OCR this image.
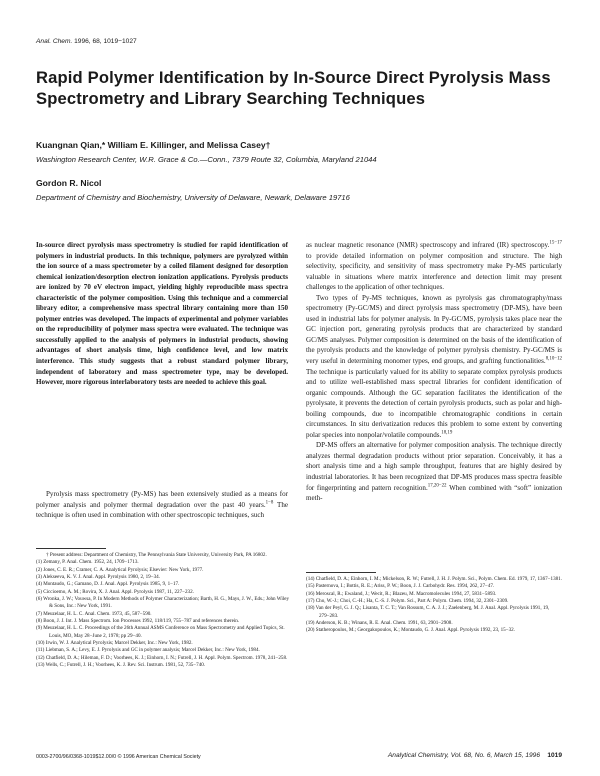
Anal. Chem. 1996, 68, 1019−1027
Rapid Polymer Identification by In-Source Direct Pyrolysis Mass Spectrometry and Library Searching Techniques
Kuangnan Qian,* William E. Killinger, and Melissa Casey†
Washington Research Center, W.R. Grace & Co.—Conn., 7379 Route 32, Columbia, Maryland 21044
Gordon R. Nicol
Department of Chemistry and Biochemistry, University of Delaware, Newark, Delaware 19716
In-source direct pyrolysis mass spectrometry is studied for rapid identification of polymers in industrial products. In this technique, polymers are pyrolyzed within the ion source of a mass spectrometer by a coiled filament designed for desorption chemical ionization/desorption electron ionization applications. Pyrolysis products are ionized by 70 eV electron impact, yielding highly reproducible mass spectra characteristic of the polymer composition. Using this technique and a commercial library editor, a comprehensive mass spectral library containing more than 150 polymer entries was developed. The impacts of experimental and polymer variables on the reproducibility of polymer mass spectra were evaluated. The technique was successfully applied to the analysis of polymers in industrial products, showing advantages of short analysis time, high confidence level, and low matrix interference. This study suggests that a robust standard polymer library, independent of laboratory and mass spectrometer type, may be developed. However, more rigorous interlaboratory tests are needed to achieve this goal.

Pyrolysis mass spectrometry (Py-MS) has been extensively studied as a means for polymer analysis and polymer thermal degradation over the past 40 years.$^{1-8}$ The technique is often used in combination with other spectroscopic techniques, such

† Present address: Department of Chemistry, The Pennsylvania State University, University Park, PA 16802.
(1) Zemany, P. Anal. Chem. 1952, 24, 1709−1713.
(2) Jones, C. E. R.; Cramer, C. A. Analytical Pyrolysis; Elsevier: New York, 1977.
(3) Alekseeva, K. V. J. Anal. Appl. Pyrolysis 1980, 2, 19−34.
(4) Montaudo, G.; Gamano, D. J. Anal. Appl. Pyrolysis 1985, 9, 1−17.
(5) Ciccioemo, A. M.; Rovira, X. J. Anal. Appl. Pyrolysis 1987, 11, 227−232.
(6) Wronka, J. W.; Vouwsa, P. In Modern Methods of Polymer Characterization; Barth, H. G., Mays, J. W., Eds.; John Wiley & Sons, Inc.: New York, 1991.
(7) Meuzelaar, H. L. C. Anal. Chem. 1973, 45, 587−590.
(8) Boon, J. J. Int. J. Mass Spectrom. Ion Processes 1992, 118/119, 755−787 and references therein.
(9) Meuzelaar, H. L. C. Proceedings of the 26th Annual ASMS Conference on Mass Spectrometry and Applied Topics, St. Louis, MO, May 28−June 2, 1978; pp 29−40.
(10) Irwin, W. J. Analytical Pyrolysis; Marcel Dekker, Inc.: New York, 1982.
(11) Liebman, S. A.; Levy, E. J. Pyrolysis and GC in polymer analysis; Marcel Dekker, Inc.: New York, 1984.
(12) Chatfield, D. A.; Hileman, F. D.; Voorhees, K. J.; Einhorn, I. N.; Futrell, J. H. Appl. Polym. Spectrom. 1978, 241−258.
(13) Wells, C.; Futrell, J. H.; Voorhees, K. J. Rev. Sci. Instrum. 1981, 52, 735−740.

as nuclear magnetic resonance (NMR) spectroscopy and infrared (IR) spectroscopy.$^{15-17}$ to provide detailed information on polymer composition and structure. The high selectivity, specificity, and sensitivity of mass spectrometry make Py-MS particularly valuable in situations where matrix interference and detection limit may present challenges to the application of other techniques.

Two types of Py-MS techniques, known as pyrolysis gas chromatography/mass spectrometry (Py-GC/MS) and direct pyrolysis mass spectrometry (DP-MS), have been used in industrial labs for polymer analysis. In Py-GC/MS, pyrolysis takes place near the GC injection port, generating pyrolysis products that are characterized by standard GC/MS analyses. Polymer composition is determined on the basis of the identification of the pyrolysis products and the knowledge of polymer pyrolysis chemistry. Py-GC/MS is very useful in determining monomer types, end groups, and grafting functionalities.$^{8,10-12}$ The technique is particularly valued for its ability to separate complex pyrolysis products and to utilize well-established mass spectral libraries for confident identification of organic compounds. Although the GC separation facilitates the identification of the pyrolysate, it prevents the detection of certain pyrolysis products, such as polar and high-boiling compounds, due to incompatible chromatographic conditions in certain circumstances. In situ derivatization reduces this problem to some extent by converting polar species into nonpolar/volatile compounds.$^{18,19}$

DP-MS offers an alternative for polymer composition analysis. The technique directly analyzes thermal degradation products without prior separation. Conceivably, it has a short analysis time and a high sample throughput, features that are highly desired by industrial laboratories. It has been recognized that DP-MS produces mass spectra feasible for fingerprinting and pattern recognition.$^{17,20-22}$ When combined with “soft” ionization meth-

(14) Chatfield, D. A.; Einhorn, I. M.; Mickelson, R. W.; Futrell, J. H. J. Polym. Sci., Polym. Chem. Ed. 1979, 17, 1367−1381.
(15) Pasternova, I.; Bottis, R. E.; Ariss, P. W.; Boon, J. J. Carbohydr. Res. 1994, 262, 27−47.
(16) Meroscal, R.; Ewaland, J.; Wecit, R.; Blazeu, M. Macromolecules 1994, 27, 5831−5893.
(17) Cho, W.-J.; Choi, C.-H.; Ha, C.-S. J. Polym. Sci., Part A: Polym. Chem. 1994, 32, 2301−2309.
(18) Van der Peyl, G. J. Q.; Lisanta, T. C. T.; Van Rossum, C. A. J. J.; Zaelenberg, M. J. Anal. Appl. Pyrolysis 1991, 19, 279−283.
(19) Anderson, K. B.; Winans, R. E. Anal. Chem. 1991, 63, 2901−2908.
(20) Statheropoulos, M.; Georgakopoulos, K.; Montaudo, G. J. Anal. Appl. Pyrolysis 1992, 23, 15−32.
0003-2700/96/0368-1019$12.00/0 © 1996 American Chemical Society	Analytical Chemistry, Vol. 68, No. 6, March 15, 1996 1019
